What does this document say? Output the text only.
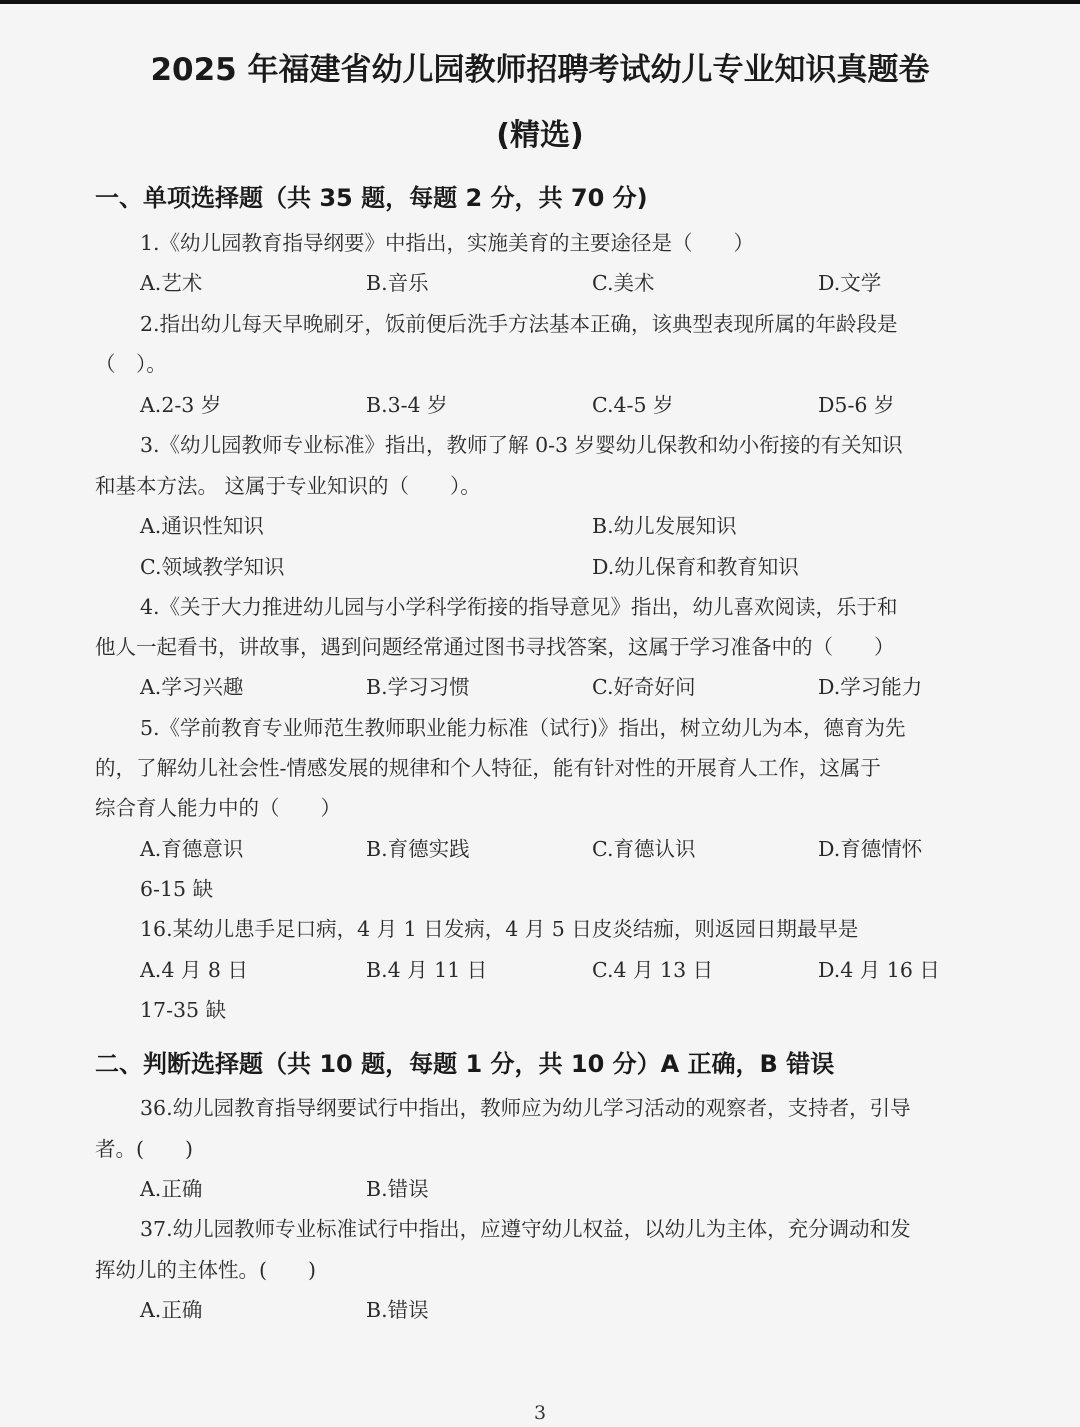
2025 年福建省幼儿园教师招聘考试幼儿专业知识真题卷
(精选)
一、单项选择题（共 35 题，每题 2 分，共 70 分)
1.《幼儿园教育指导纲要》中指出，实施美育的主要途径是（　　）
A.艺术	B.音乐	C.美术	D.文学
2.指出幼儿每天早晚刷牙，饭前便后洗手方法基本正确，该典型表现所属的年龄段是
（　）。
A.2-3 岁	B.3-4 岁	C.4-5 岁	D5-6 岁
3.《幼儿园教师专业标准》指出，教师了解 0-3 岁婴幼儿保教和幼小衔接的有关知识
和基本方法。 这属于专业知识的（　　）。
A.通识性知识	B.幼儿发展知识
C.领域教学知识	D.幼儿保育和教育知识
4.《关于大力推进幼儿园与小学科学衔接的指导意见》指出，幼儿喜欢阅读，乐于和
他人一起看书，讲故事，遇到问题经常通过图书寻找答案，这属于学习准备中的（　　）
A.学习兴趣	B.学习习惯	C.好奇好问	D.学习能力
5.《学前教育专业师范生教师职业能力标准（试行)》指出，树立幼儿为本，德育为先
的，了解幼儿社会性-情感发展的规律和个人特征，能有针对性的开展育人工作，这属于
综合育人能力中的（　　）
A.育德意识	B.育德实践	C.育德认识	D.育德情怀
6-15 缺
16.某幼儿患手足口病，4 月 1 日发病，4 月 5 日皮炎结痂，则返园日期最早是
A.4 月 8 日	B.4 月 11 日	C.4 月 13 日	D.4 月 16 日
17-35 缺
二、判断选择题（共 10 题，每题 1 分，共 10 分）A 正确，B 错误
36.幼儿园教育指导纲要试行中指出，教师应为幼儿学习活动的观察者，支持者，引导
者。(　　)
A.正确	B.错误
37.幼儿园教师专业标准试行中指出，应遵守幼儿权益，以幼儿为主体，充分调动和发
挥幼儿的主体性。(　　)
A.正确	B.错误
3
